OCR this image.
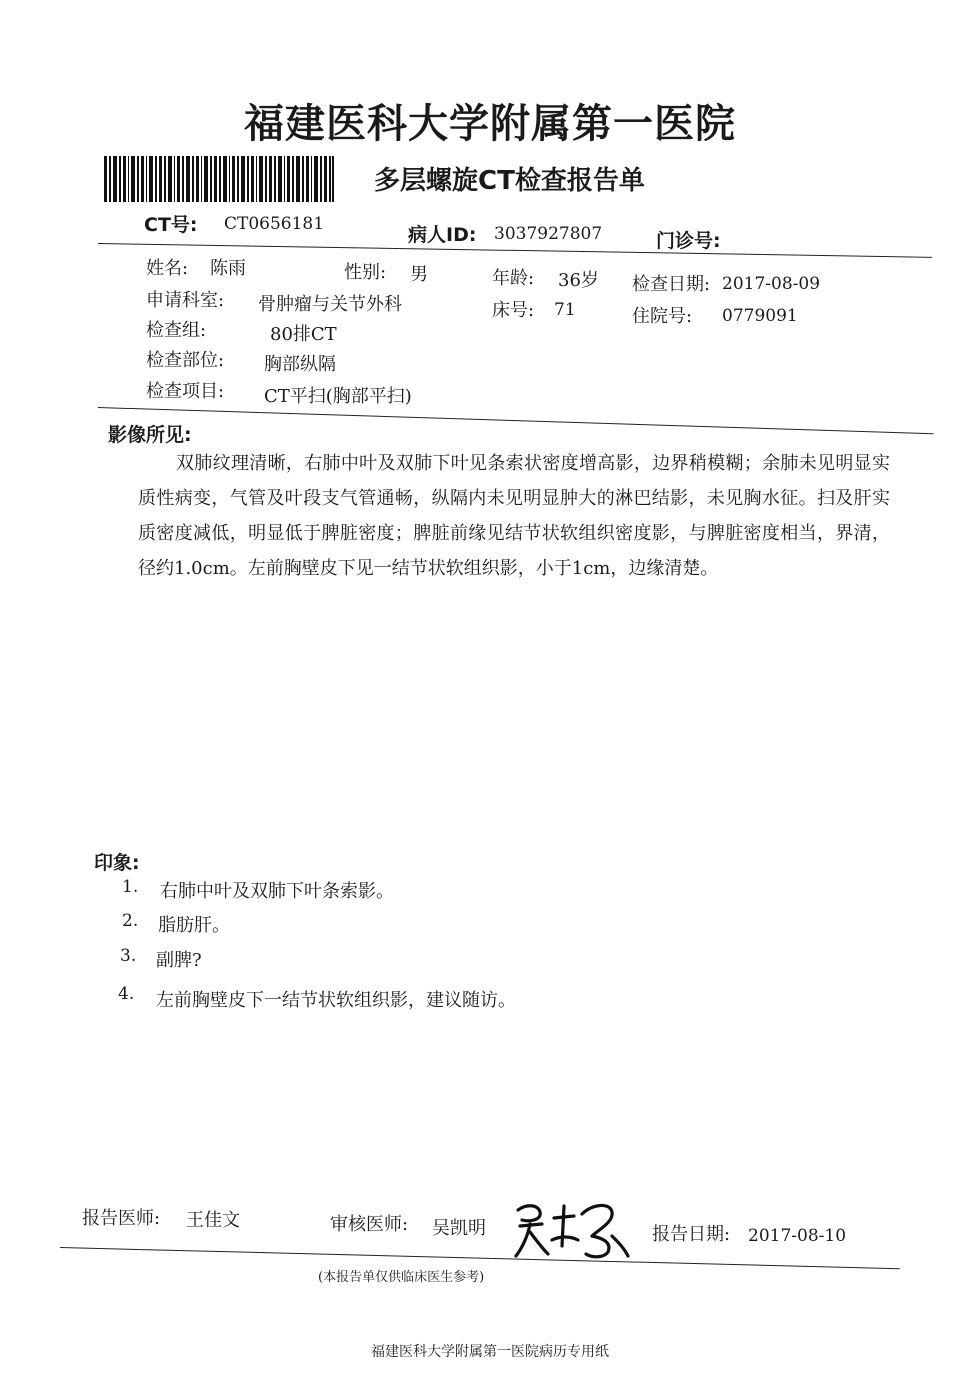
福建医科大学附属第一医院
多层螺旋CT检查报告单
CT号: CT0656181	病人ID: 3037927807	门诊号:
姓名: 陈雨	性别: 男	年龄: 36岁 检查日期: 2017-08-09
申请科室: 骨肿瘤与关节外科	床号: 71	住院号: 0779091
检查组:	80排CT
检查部位: 胸部纵隔
检查项目: CT平扫(胸部平扫)
影像所见:

双肺纹理清晰，右肺中叶及双肺下叶见条索状密度增高影，边界稍模糊；余肺未见明显实质性病变，气管及叶段支气管通畅，纵隔内未见明显肿大的淋巴结影，未见胸水征。扫及肝实质密度减低，明显低于脾脏密度；脾脏前缘见结节状软组织密度影，与脾脏密度相当，界清，径约1.0cm。左前胸壁皮下见一结节状软组织影，小于1cm，边缘清楚。

印象:
1. 右肺中叶及双肺下叶条索影。
2. 脂肪肝。
3. 副脾?
4. 左前胸壁皮下一结节状软组织影，建议随访。
报告医师: 王佳文	审核医师: 吴凯明	报告日期: 2017-08-10
(本报告单仅供临床医生参考)
福建医科大学附属第一医院病历专用纸
